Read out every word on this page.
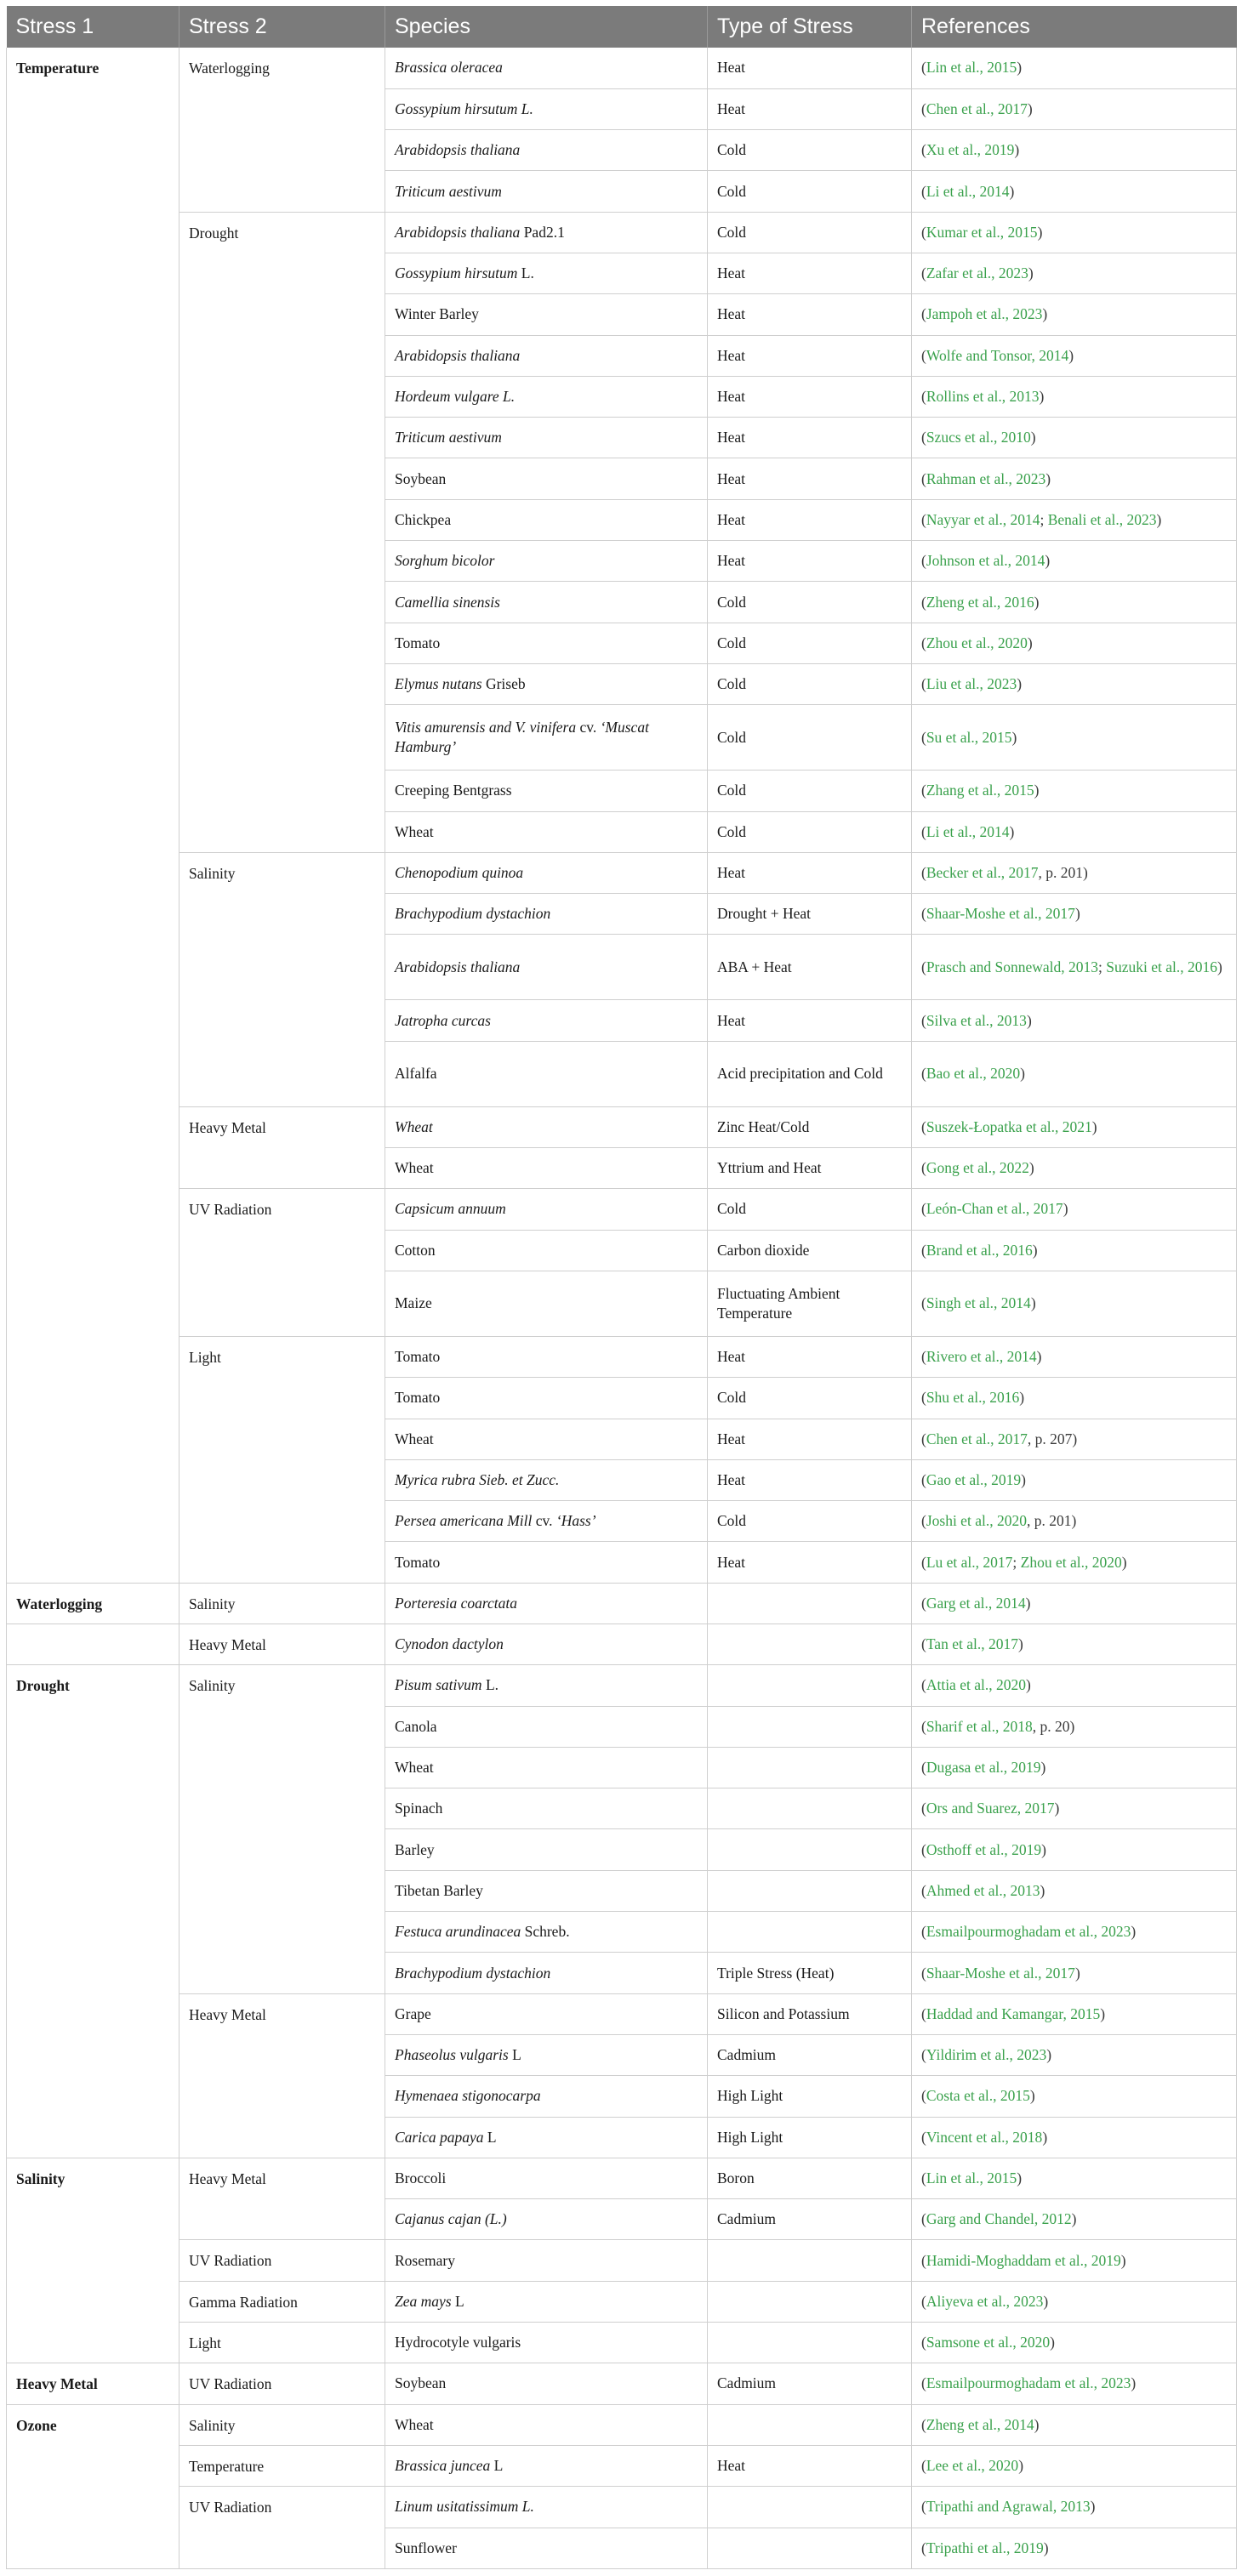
Stress 1	Stress 2	Species	Type of Stress	References
Temperature	Waterlogging	Brassica oleracea	Heat	(Lin et al., 2015)
		Gossypium hirsutum L.	Heat	(Chen et al., 2017)
		Arabidopsis thaliana	Cold	(Xu et al., 2019)
		Triticum aestivum	Cold	(Li et al., 2014)
	Drought	Arabidopsis thaliana Pad2.1	Cold	(Kumar et al., 2015)
		Gossypium hirsutum L.	Heat	(Zafar et al., 2023)
		Winter Barley	Heat	(Jampoh et al., 2023)
		Arabidopsis thaliana	Heat	(Wolfe and Tonsor, 2014)
		Hordeum vulgare L.	Heat	(Rollins et al., 2013)
		Triticum aestivum	Heat	(Szucs et al., 2010)
		Soybean	Heat	(Rahman et al., 2023)
		Chickpea	Heat	(Nayyar et al., 2014; Benali et al., 2023)
		Sorghum bicolor	Heat	(Johnson et al., 2014)
		Camellia sinensis	Cold	(Zheng et al., 2016)
		Tomato	Cold	(Zhou et al., 2020)
		Elymus nutans Griseb	Cold	(Liu et al., 2023)
		Vitis amurensis and V. vinifera cv. ‘Muscat Hamburg’	Cold	(Su et al., 2015)
		Creeping Bentgrass	Cold	(Zhang et al., 2015)
		Wheat	Cold	(Li et al., 2014)
	Salinity	Chenopodium quinoa	Heat	(Becker et al., 2017, p. 201)
		Brachypodium dystachion	Drought + Heat	(Shaar-Moshe et al., 2017)
		Arabidopsis thaliana	ABA + Heat	(Prasch and Sonnewald, 2013; Suzuki et al., 2016)
		Jatropha curcas	Heat	(Silva et al., 2013)
		Alfalfa	Acid precipitation and Cold	(Bao et al., 2020)
	Heavy Metal	Wheat	Zinc Heat/Cold	(Suszek-Łopatka et al., 2021)
		Wheat	Yttrium and Heat	(Gong et al., 2022)
	UV Radiation	Capsicum annuum	Cold	(León-Chan et al., 2017)
		Cotton	Carbon dioxide	(Brand et al., 2016)
		Maize	Fluctuating Ambient Temperature	(Singh et al., 2014)
	Light	Tomato	Heat	(Rivero et al., 2014)
		Tomato	Cold	(Shu et al., 2016)
		Wheat	Heat	(Chen et al., 2017, p. 207)
		Myrica rubra Sieb. et Zucc.	Heat	(Gao et al., 2019)
		Persea americana Mill cv. ‘Hass’	Cold	(Joshi et al., 2020, p. 201)
		Tomato	Heat	(Lu et al., 2017; Zhou et al., 2020)
Waterlogging	Salinity	Porteresia coarctata		(Garg et al., 2014)
	Heavy Metal	Cynodon dactylon		(Tan et al., 2017)
Drought	Salinity	Pisum sativum L.		(Attia et al., 2020)
		Canola		(Sharif et al., 2018, p. 20)
		Wheat		(Dugasa et al., 2019)
		Spinach		(Ors and Suarez, 2017)
		Barley		(Osthoff et al., 2019)
		Tibetan Barley		(Ahmed et al., 2013)
		Festuca arundinacea Schreb.		(Esmailpourmoghadam et al., 2023)
		Brachypodium dystachion	Triple Stress (Heat)	(Shaar-Moshe et al., 2017)
	Heavy Metal	Grape	Silicon and Potassium	(Haddad and Kamangar, 2015)
		Phaseolus vulgaris L	Cadmium	(Yildirim et al., 2023)
		Hymenaea stigonocarpa	High Light	(Costa et al., 2015)
		Carica papaya L	High Light	(Vincent et al., 2018)
Salinity	Heavy Metal	Broccoli	Boron	(Lin et al., 2015)
		Cajanus cajan (L.)	Cadmium	(Garg and Chandel, 2012)
	UV Radiation	Rosemary		(Hamidi-Moghaddam et al., 2019)
	Gamma Radiation	Zea mays L		(Aliyeva et al., 2023)
	Light	Hydrocotyle vulgaris		(Samsone et al., 2020)
Heavy Metal	UV Radiation	Soybean	Cadmium	(Esmailpourmoghadam et al., 2023)
Ozone	Salinity	Wheat		(Zheng et al., 2014)
	Temperature	Brassica juncea L	Heat	(Lee et al., 2020)
	UV Radiation	Linum usitatissimum L.		(Tripathi and Agrawal, 2013)
		Sunflower		(Tripathi et al., 2019)
